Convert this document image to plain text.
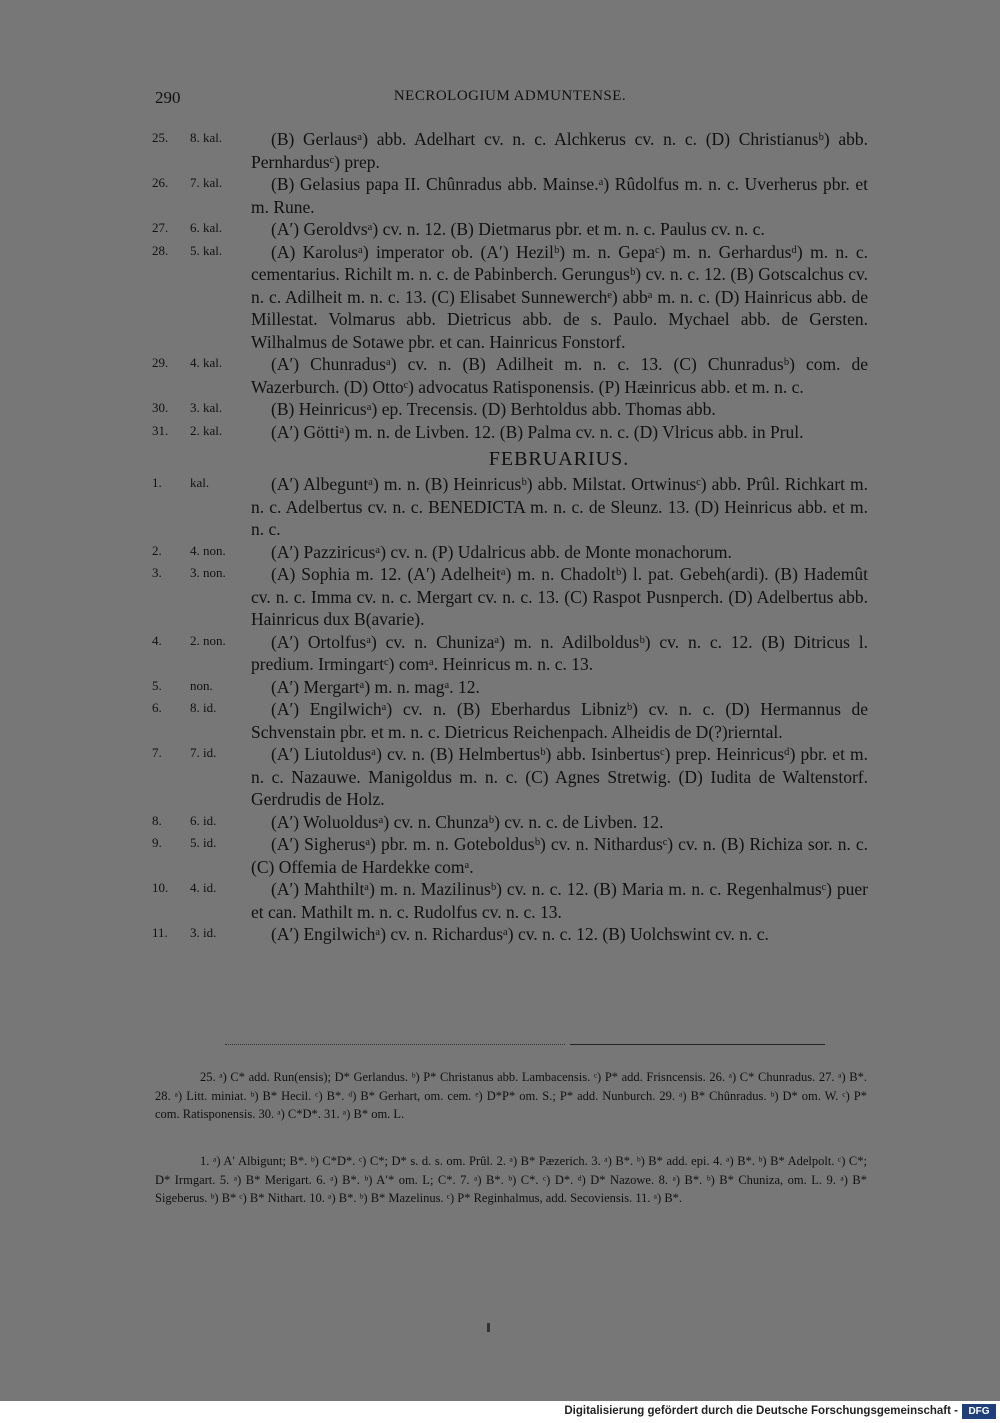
290	NECROLOGIUM ADMUNTENSE.
25.	8. kal.	(B) Gerlausᵃ) abb. Adelhart cv. n. c. Alchkerus cv. n. c. (D) Christianusᵇ) abb. Pernhardusᶜ) prep.
26.	7. kal.	(B) Gelasius papa II. Chûnradus abb. Mainse.ᵃ) Rûdolfus m. n. c. Uverherus pbr. et m. Rune.
27.	6. kal.	(A′) Geroldvsᵃ) cv. n. 12. (B) Dietmarus pbr. et m. n. c. Paulus cv. n. c.
28.	5. kal.	(A) Karolusᵃ) imperator ob. (A′) Hezilᵇ) m. n. Gepaᶜ) m. n. Gerhardusᵈ) m. n. c. cementarius. Richilt m. n. c. de Pabinberch. Gerungusᵇ) cv. n. c. 12. (B) Gotscalchus cv. n. c. Adilheit m. n. c. 13. (C) Elisabet Sunnewerchᵉ) abbᵃ m. n. c. (D) Hainricus abb. de Millestat. Volmarus abb. Dietricus abb. de s. Paulo. Mychael abb. de Gersten. Wilhalmus de Sotawe pbr. et can. Hainricus Fonstorf.
29.	4. kal.	(A′) Chunradusᵃ) cv. n. (B) Adilheit m. n. c. 13. (C) Chunradusᵇ) com. de Wazerburch. (D) Ottoᶜ) advocatus Ratisponensis. (P) Hæinricus abb. et m. n. c.
30.	3. kal.	(B) Heinricusᵃ) ep. Trecensis. (D) Berhtoldus abb. Thomas abb.
31.	2. kal.	(A′) Göttiᵃ) m. n. de Livben. 12. (B) Palma cv. n. c. (D) Vlricus abb. in Prul.
FEBRUARIUS.
1.	kal.	(A′) Albeguntᵃ) m. n. (B) Heinricusᵇ) abb. Milstat. Ortwinusᶜ) abb. Prûl. Richkart m. n. c. Adelbertus cv. n. c. BENEDICTA m. n. c. de Sleunz. 13. (D) Heinricus abb. et m. n. c.
2.	4. non.	(A′) Pazziricusᵃ) cv. n. (P) Udalricus abb. de Monte monachorum.
3.	3. non.	(A) Sophia m. 12. (A′) Adelheitᵃ) m. n. Chadoltᵇ) l. pat. Gebeh(ardi). (B) Hademût cv. n. c. Imma cv. n. c. Mergart cv. n. c. 13. (C) Raspot Pusnperch. (D) Adelbertus abb. Hainricus dux B(avarie).
4.	2. non.	(A′) Ortolfusᵃ) cv. n. Chunizaᵃ) m. n. Adilboldusᵇ) cv. n. c. 12. (B) Ditricus l. predium. Irmingartᶜ) comᵃ. Heinricus m. n. c. 13.
5.	non.	(A′) Mergartᵃ) m. n. magᵃ. 12.
6.	8. id.	(A′) Engilwichᵃ) cv. n. (B) Eberhardus Libnizᵇ) cv. n. c. (D) Hermannus de Schvenstain pbr. et m. n. c. Dietricus Reichenpach. Alheidis de D(?)rierntal.
7.	7. id.	(A′) Liutoldusᵃ) cv. n. (B) Helmbertusᵇ) abb. Isinbertusᶜ) prep. Heinricusᵈ) pbr. et m. n. c. Nazauwe. Manigoldus m. n. c. (C) Agnes Stretwig. (D) Iudita de Waltenstorf. Gerdrudis de Holz.
8.	6. id.	(A′) Woluoldusᵃ) cv. n. Chunzaᵇ) cv. n. c. de Livben. 12.
9.	5. id.	(A′) Sigherusᵃ) pbr. m. n. Goteboldusᵇ) cv. n. Nithardusᶜ) cv. n. (B) Richiza sor. n. c. (C) Offemia de Hardekke comᵃ.
10.	4. id.	(A′) Mahthiltᵃ) m. n. Mazilinusᵇ) cv. n. c. 12. (B) Maria m. n. c. Regenhalmusᶜ) puer et can. Mathilt m. n. c. Rudolfus cv. n. c. 13.
11.	3. id.	(A′) Engilwichᵃ) cv. n. Richardusᵃ) cv. n. c. 12. (B) Uolchswint cv. n. c.
25. ᵃ) C* add. Run(ensis); D* Gerlandus. ᵇ) P* Christanus abb. Lambacensis. ᶜ) P* add. Frisncensis. 26. ᵃ) C* Chunradus. 27. ᵃ) B*. 28. ᵃ) Litt. miniat. ᵇ) B* Hecil. ᶜ) B*. ᵈ) B* Gerhart, om. cem. ᵉ) D*P* om. S.; P* add. Nunburch. 29. ᵃ) B* Chûnradus. ᵇ) D* om. W. ᶜ) P* com. Ratisponensis. 30. ᵃ) C*D*. 31. ᵃ) B* om. L.
1. ᵃ) A′ Albigunt; B*. ᵇ) C*D*. ᶜ) C*; D* s. d. s. om. Prûl. 2. ᵃ) B* Pæzerich. 3. ᵃ) B*. ᵇ) B* add. epi. 4. ᵃ) B*. ᵇ) B* Adelpolt. ᶜ) C*; D* Irmgart. 5. ᵃ) B* Merigart. 6. ᵃ) B*. ᵇ) A′* om. L; C*. 7. ᵃ) B*. ᵇ) C*. ᶜ) D*. ᵈ) D* Nazowe. 8. ᵃ) B*. ᵇ) B* Chuniza, om. L. 9. ᵃ) B* Sigeberus. ᵇ) B* ᶜ) B* Nithart. 10. ᵃ) B*. ᵇ) B* Mazelinus. ᶜ) P* Reginhalmus, add. Secoviensis. 11. ᵃ) B*.
Digitalisierung gefördert durch die Deutsche Forschungsgemeinschaft -	DFG
